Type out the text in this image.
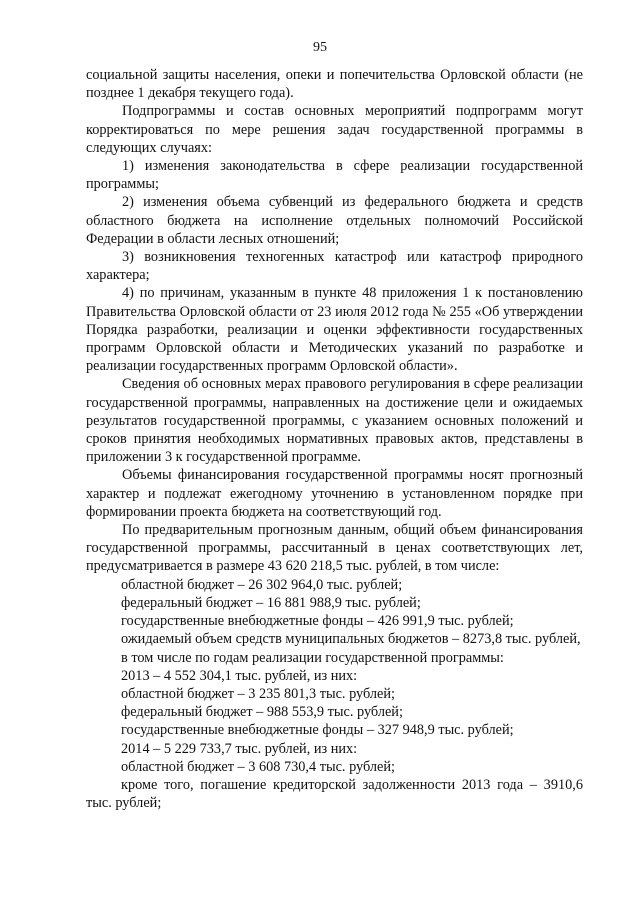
95

социальной защиты населения, опеки и попечительства Орловской области (не позднее 1 декабря текущего года).

Подпрограммы и состав основных мероприятий подпрограмм могут корректироваться по мере решения задач государственной программы в следующих случаях:

1) изменения законодательства в сфере реализации государственной программы;

2) изменения объема субвенций из федерального бюджета и средств областного бюджета на исполнение отдельных полномочий Российской Федерации в области лесных отношений;

3) возникновения техногенных катастроф или катастроф природного характера;

4) по причинам, указанным в пункте 48 приложения 1 к постановлению Правительства Орловской области от 23 июля 2012 года № 255 «Об утверждении Порядка разработки, реализации и оценки эффективности государственных программ Орловской области и Методических указаний по разработке и реализации государственных программ Орловской области».

Сведения об основных мерах правового регулирования в сфере реализации государственной программы, направленных на достижение цели и ожидаемых результатов государственной программы, с указанием основных положений и сроков принятия необходимых нормативных правовых актов, представлены в приложении 3 к государственной программе.

Объемы финансирования государственной программы носят прогнозный характер и подлежат ежегодному уточнению в установленном порядке при формировании проекта бюджета на соответствующий год.

По предварительным прогнозным данным, общий объем финансирования государственной программы, рассчитанный в ценах соответствующих лет, предусматривается в размере 43 620 218,5 тыс. рублей, в том числе:

областной бюджет – 26 302 964,0 тыс. рублей;

федеральный бюджет – 16 881 988,9 тыс. рублей;

государственные внебюджетные фонды – 426 991,9 тыс. рублей;

ожидаемый объем средств муниципальных бюджетов – 8273,8 тыс. рублей,

в том числе по годам реализации государственной программы:

2013 – 4 552 304,1 тыс. рублей, из них:

областной бюджет – 3 235 801,3 тыс. рублей;

федеральный бюджет – 988 553,9 тыс. рублей;

государственные внебюджетные фонды – 327 948,9 тыс. рублей;

2014 – 5 229 733,7 тыс. рублей, из них:

областной бюджет – 3 608 730,4 тыс. рублей;

кроме того, погашение кредиторской задолженности 2013 года – 3910,6 тыс. рублей;
